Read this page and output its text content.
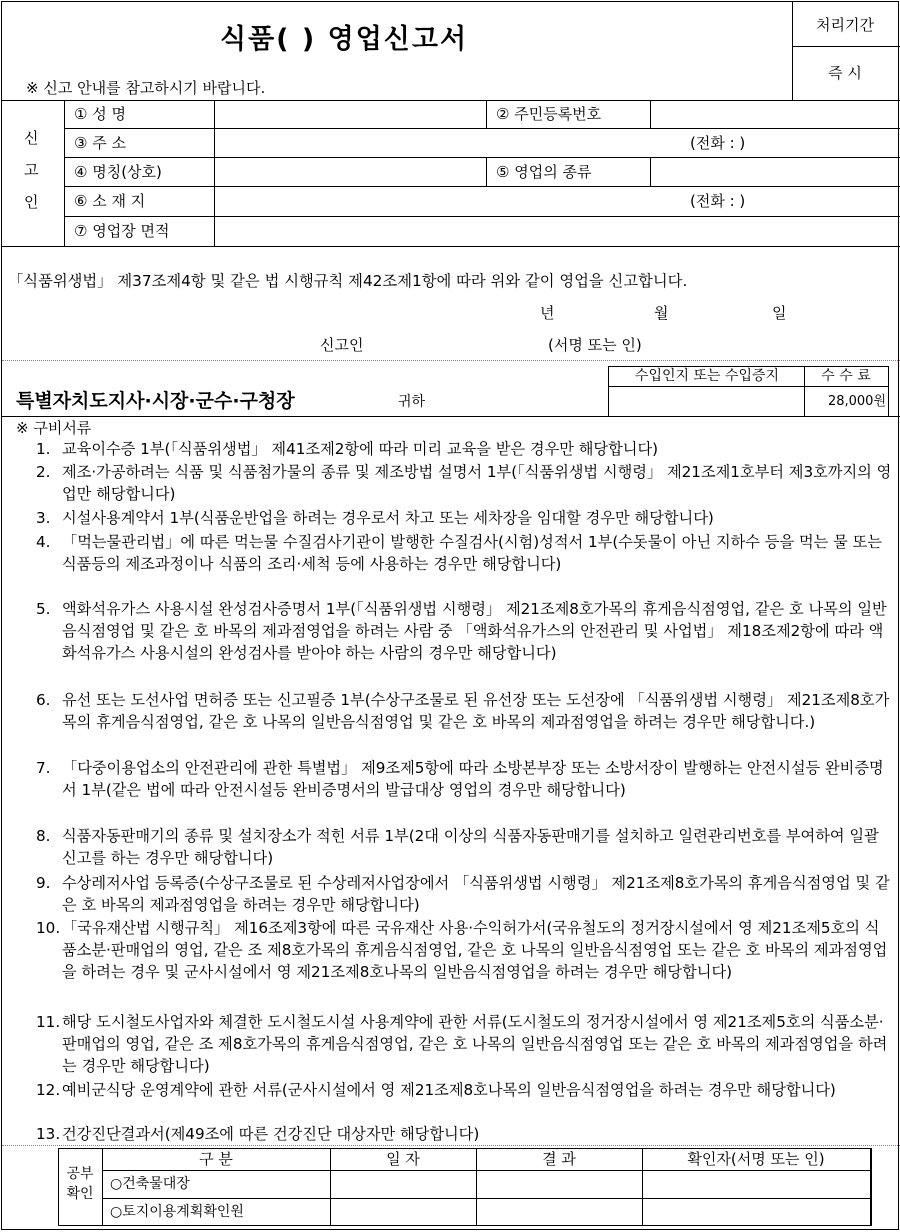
식품( ) 영업신고서
※ 신고 안내를 참고하시기 바랍니다.
처리기간
즉 시
신
고
인
① 성 명	② 주민등록번호
③ 주 소	(전화 : )
④ 명칭(상호)	⑤ 영업의 종류
⑥ 소 재 지	(전화 : )
⑦ 영업장 면적
「식품위생법」 제37조제4항 및 같은 법 시행규칙 제42조제1항에 따라 위와 같이 영업을 신고합니다.
년	월	일
신고인	(서명 또는 인)
수입인지 또는 수입증지	수 수 료
28,000원
특별자치도지사·시장·군수·구청장	귀하
※ 구비서류
1. 교육이수증 1부(「식품위생법」 제41조제2항에 따라 미리 교육을 받은 경우만 해당합니다)
2. 제조·가공하려는 식품 및 식품첨가물의 종류 및 제조방법 설명서 1부(「식품위생법 시행령」 제21조제1호부터 제3호까지의 영업만 해당합니다)
3. 시설사용계약서 1부(식품운반업을 하려는 경우로서 차고 또는 세차장을 임대할 경우만 해당합니다)
4. 「먹는물관리법」에 따른 먹는물 수질검사기관이 발행한 수질검사(시험)성적서 1부(수돗물이 아닌 지하수 등을 먹는 물 또는 식품등의 제조과정이나 식품의 조리·세척 등에 사용하는 경우만 해당합니다)
5. 액화석유가스 사용시설 완성검사증명서 1부(「식품위생법 시행령」 제21조제8호가목의 휴게음식점영업, 같은 호 나목의 일반음식점영업 및 같은 호 바목의 제과점영업을 하려는 사람 중 「액화석유가스의 안전관리 및 사업법」 제18조제2항에 따라 액화석유가스 사용시설의 완성검사를 받아야 하는 사람의 경우만 해당합니다)
6. 유선 또는 도선사업 면허증 또는 신고필증 1부(수상구조물로 된 유선장 또는 도선장에 「식품위생법 시행령」 제21조제8호가목의 휴게음식점영업, 같은 호 나목의 일반음식점영업 및 같은 호 바목의 제과점영업을 하려는 경우만 해당합니다.)
7. 「다중이용업소의 안전관리에 관한 특별법」 제9조제5항에 따라 소방본부장 또는 소방서장이 발행하는 안전시설등 완비증명서 1부(같은 법에 따라 안전시설등 완비증명서의 발급대상 영업의 경우만 해당합니다)
8. 식품자동판매기의 종류 및 설치장소가 적힌 서류 1부(2대 이상의 식품자동판매기를 설치하고 일련관리번호를 부여하여 일괄 신고를 하는 경우만 해당합니다)
9. 수상레저사업 등록증(수상구조물로 된 수상레저사업장에서 「식품위생법 시행령」 제21조제8호가목의 휴게음식점영업 및 같은 호 바목의 제과점영업을 하려는 경우만 해당합니다)
10. 「국유재산법 시행규칙」 제16조제3항에 따른 국유재산 사용·수익허가서(국유철도의 정거장시설에서 영 제21조제5호의 식품소분·판매업의 영업, 같은 조 제8호가목의 휴게음식점영업, 같은 호 나목의 일반음식점영업 또는 같은 호 바목의 제과점영업을 하려는 경우 및 군사시설에서 영 제21조제8호나목의 일반음식점영업을 하려는 경우만 해당합니다)
11. 해당 도시철도사업자와 체결한 도시철도시설 사용계약에 관한 서류(도시철도의 정거장시설에서 영 제21조제5호의 식품소분·판매업의 영업, 같은 조 제8호가목의 휴게음식점영업, 같은 호 나목의 일반음식점영업 또는 같은 호 바목의 제과점영업을 하려는 경우만 해당합니다)
12. 예비군식당 운영계약에 관한 서류(군사시설에서 영 제21조제8호나목의 일반음식점영업을 하려는 경우만 해당합니다)
13. 건강진단결과서(제49조에 따른 건강진단 대상자만 해당합니다)
공부
확인
구 분	일 자	결 과	확인자(서명 또는 인)
○건축물대장
○토지이용계획확인원
